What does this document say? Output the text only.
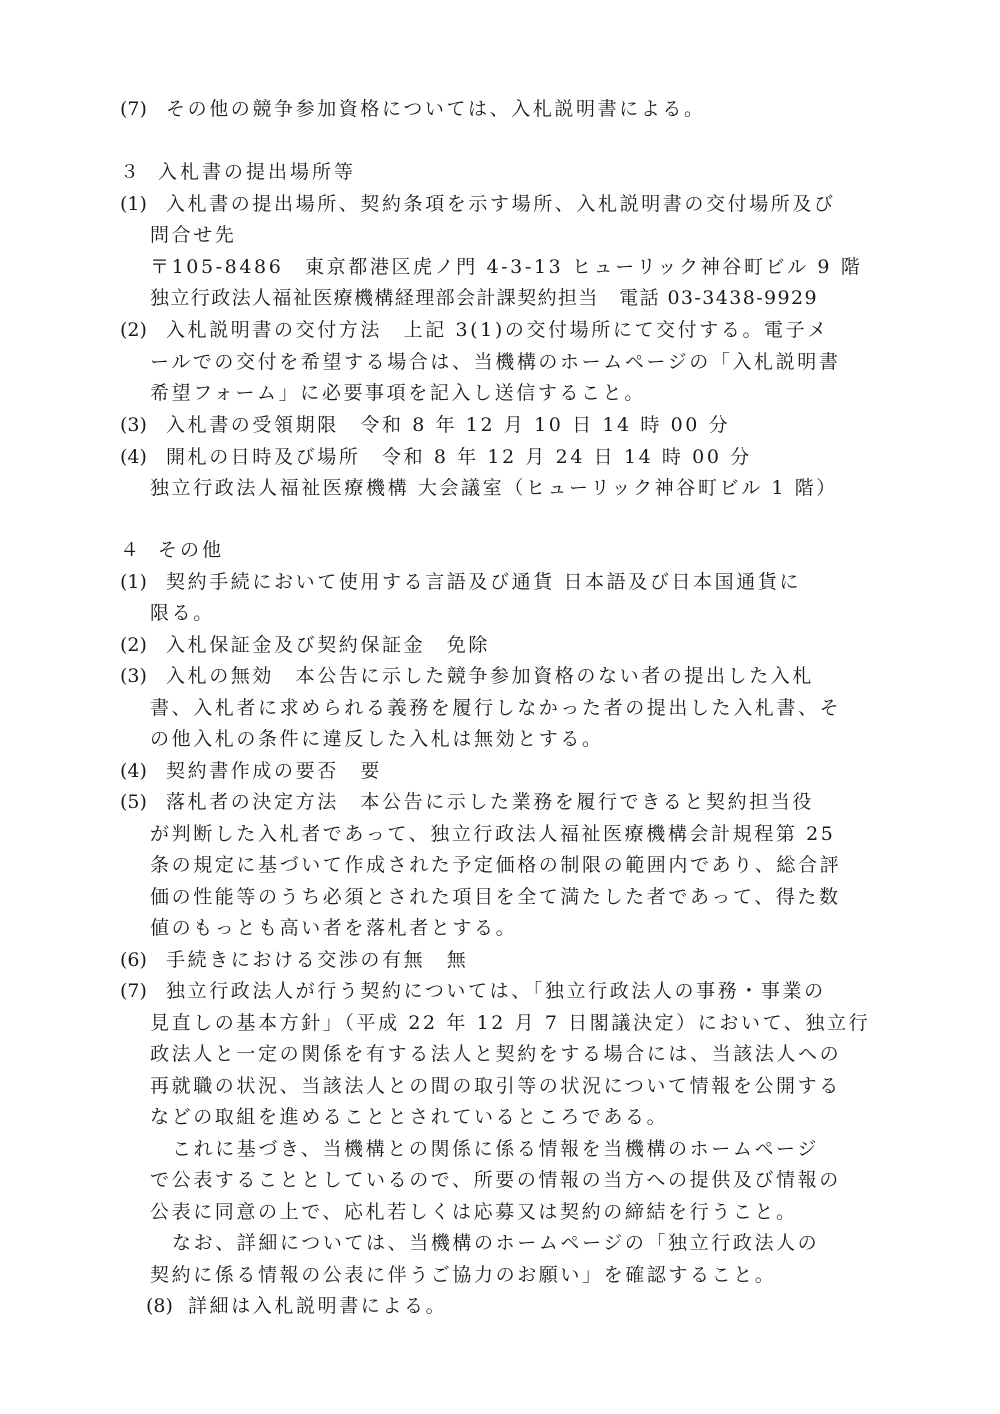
(7) その他の競争参加資格については、入札説明書による。
３ 入札書の提出場所等
(1) 入札書の提出場所、契約条項を示す場所、入札説明書の交付場所及び
問合せ先
〒105-8486　東京都港区虎ノ門 4-3-13 ヒューリック神谷町ビル 9 階
独立行政法人福祉医療機構経理部会計課契約担当　電話 03-3438-9929
(2) 入札説明書の交付方法　上記 3(1)の交付場所にて交付する。電子メ
ールでの交付を希望する場合は、当機構のホームページの「入札説明書
希望フォーム」に必要事項を記入し送信すること。
(3) 入札書の受領期限　令和 8 年 12 月 10 日 14 時 00 分
(4) 開札の日時及び場所　令和 8 年 12 月 24 日 14 時 00 分
独立行政法人福祉医療機構 大会議室（ヒューリック神谷町ビル 1 階）
４ その他
(1) 契約手続において使用する言語及び通貨 日本語及び日本国通貨に
限る。
(2) 入札保証金及び契約保証金　免除
(3) 入札の無効　本公告に示した競争参加資格のない者の提出した入札
書、入札者に求められる義務を履行しなかった者の提出した入札書、そ
の他入札の条件に違反した入札は無効とする。
(4) 契約書作成の要否　要
(5) 落札者の決定方法　本公告に示した業務を履行できると契約担当役
が判断した入札者であって、独立行政法人福祉医療機構会計規程第 25
条の規定に基づいて作成された予定価格の制限の範囲内であり、総合評
価の性能等のうち必須とされた項目を全て満たした者であって、得た数
値のもっとも高い者を落札者とする。
(6) 手続きにおける交渉の有無　無
(7) 独立行政法人が行う契約については、「独立行政法人の事務・事業の
見直しの基本方針」（平成 22 年 12 月 7 日閣議決定）において、独立行
政法人と一定の関係を有する法人と契約をする場合には、当該法人への
再就職の状況、当該法人との間の取引等の状況について情報を公開する
などの取組を進めることとされているところである。
これに基づき、当機構との関係に係る情報を当機構のホームページ
で公表することとしているので、所要の情報の当方への提供及び情報の
公表に同意の上で、応札若しくは応募又は契約の締結を行うこと。
なお、詳細については、当機構のホームページの「独立行政法人の
契約に係る情報の公表に伴うご協力のお願い」を確認すること。
(8) 詳細は入札説明書による。
